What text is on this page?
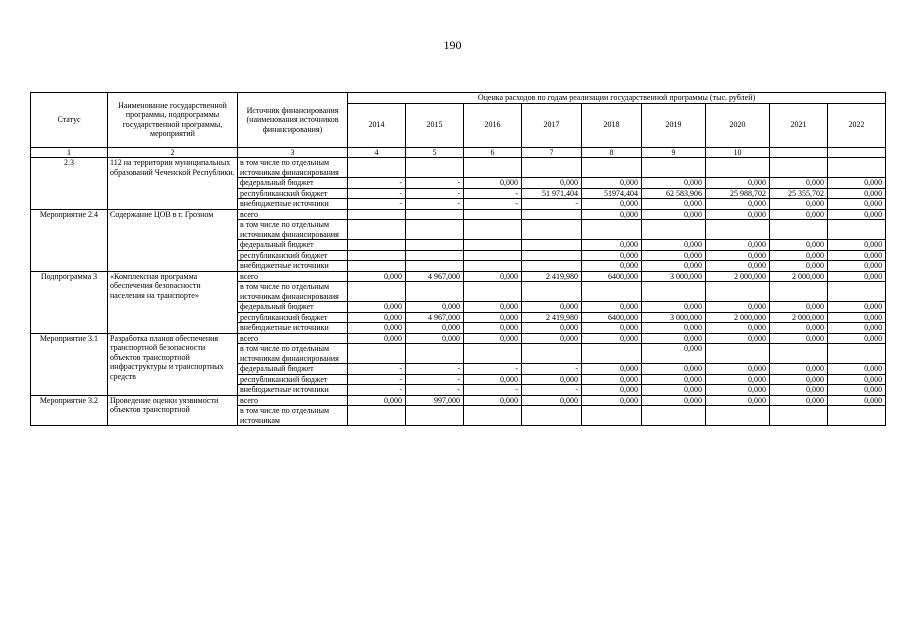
190
Статус	Наименование государственной программы, подпрограммы государственной программы, мероприятий	Источник финансирования (наименования источников финансирования)	Оценка расходов по годам реализации государственной программы (тыс. рублей)								
			2014	2015	2016	2017	2018	2019	2020	2021	2022
1	2	3	4	5	6	7	8	9	10		
2.3	112 на территории муниципальных образований Чеченской Республики.	в том числе по отдельным источникам финансирования									
		федеральный бюджет	-	-	0,000	0,000	0,000	0,000	0,000	0,000	0,000
		республиканский бюджет	-	-	-	51 971,404	51974,404	62 583,906	25 988,702	25 355,702	0,000
		внебюджетные источники	-	-	-	-	0,000	0,000	0,000	0,000	0,000
Мероприятие 2.4	Содержание ЦОВ в г. Грозном	всего					0,000	0,000	0,000	0,000	0,000
		в том числе по отдельным источникам финансирования									
		федеральный бюджет					0,000	0,000	0,000	0,000	0,000
		республиканский бюджет					0,000	0,000	0,000	0,000	0,000
		внебюджетные источники					0,000	0,000	0,000	0,000	0,000
Подпрограмма 3	«Комплексная программа обеспечения безопасности населения на транспорте»	всего	0,000	4 967,000	0,000	2 419,980	6400,000	3 000,000	2 000,000	2 000,000	0,000
		в том числе по отдельным источникам финансирования									
		федеральный бюджет	0,000	0,000	0,000	0,000	0,000	0,000	0,000	0,000	0,000
		республиканский бюджет	0,000	4 967,000	0,000	2 419,980	6400,000	3 000,000	2 000,000	2 000,000	0,000
		внебюджетные источники	0,000	0,000	0,000	0,000	0,000	0,000	0,000	0,000	0,000
Мероприятие 3.1	Разработка планов обеспечения транспортной безопасности объектов транспортной инфраструктуры и транспортных средств	всего	0,000	0,000	0,000	0,000	0,000	0,000	0,000	0,000	0,000
		в том числе по отдельным источникам финансирования						0,000			
		федеральный бюджет	-	-	-	-	0,000	0,000	0,000	0,000	0,000
		республиканский бюджет	-	-	0,000	0,000	0,000	0,000	0,000	0,000	0,000
		внебюджетные источники	-	-	-	-	0,000	0,000	0,000	0,000	0,000
Мероприятие 3.2	Проведение оценки уязвимости объектов транспортной	всего	0,000	997,000	0,000	0,000	0,000	0,000	0,000	0,000	0,000
		в том числе по отдельным источникам									
